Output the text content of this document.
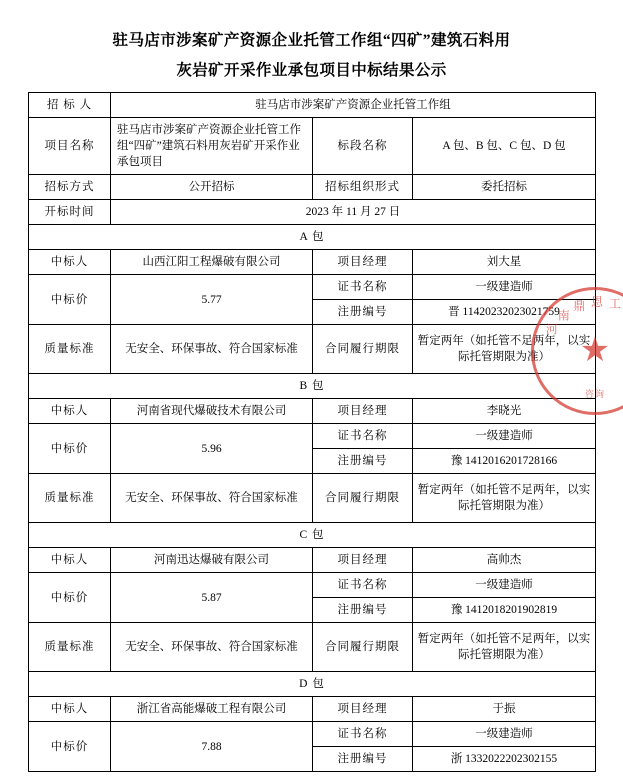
驻马店市涉案矿产资源企业托管工作组“四矿”建筑石料用
灰岩矿开采作业承包项目中标结果公示
招 标 人	驻马店市涉案矿产资源企业托管工作组		
项目名称	驻马店市涉案矿产资源企业托管工作组“四矿”建筑石料用灰岩矿开采作业承包项目	标段名称	A 包、B 包、C 包、D 包
招标方式	公开招标	招标组织形式	委托招标
开标时间	2023 年 11 月 27 日		
A 包			
中标人	山西江阳工程爆破有限公司	项目经理	刘大星
中标价	5.77	证书名称	一级建造师
		注册编号	晋 11420232023021759
质量标准	无安全、环保事故、符合国家标准	合同履行期限	暂定两年（如托管不足两年，以实际托管期限为准）
B 包			
中标人	河南省现代爆破技术有限公司	项目经理	李晓光
中标价	5.96	证书名称	一级建造师
		注册编号	豫 1412016201728166
质量标准	无安全、环保事故、符合国家标准	合同履行期限	暂定两年（如托管不足两年，以实际托管期限为准）
C 包			
中标人	河南迅达爆破有限公司	项目经理	高帅杰
中标价	5.87	证书名称	一级建造师
		注册编号	豫 1412018201902819
质量标准	无安全、环保事故、符合国家标准	合同履行期限	暂定两年（如托管不足两年，以实际托管期限为准）
D 包			
中标人	浙江省高能爆破工程有限公司	项目经理	于振
中标价	7.88	证书名称	一级建造师
		注册编号	浙 1332022202302155
河
南
鼎 恩 工
★
咨询
